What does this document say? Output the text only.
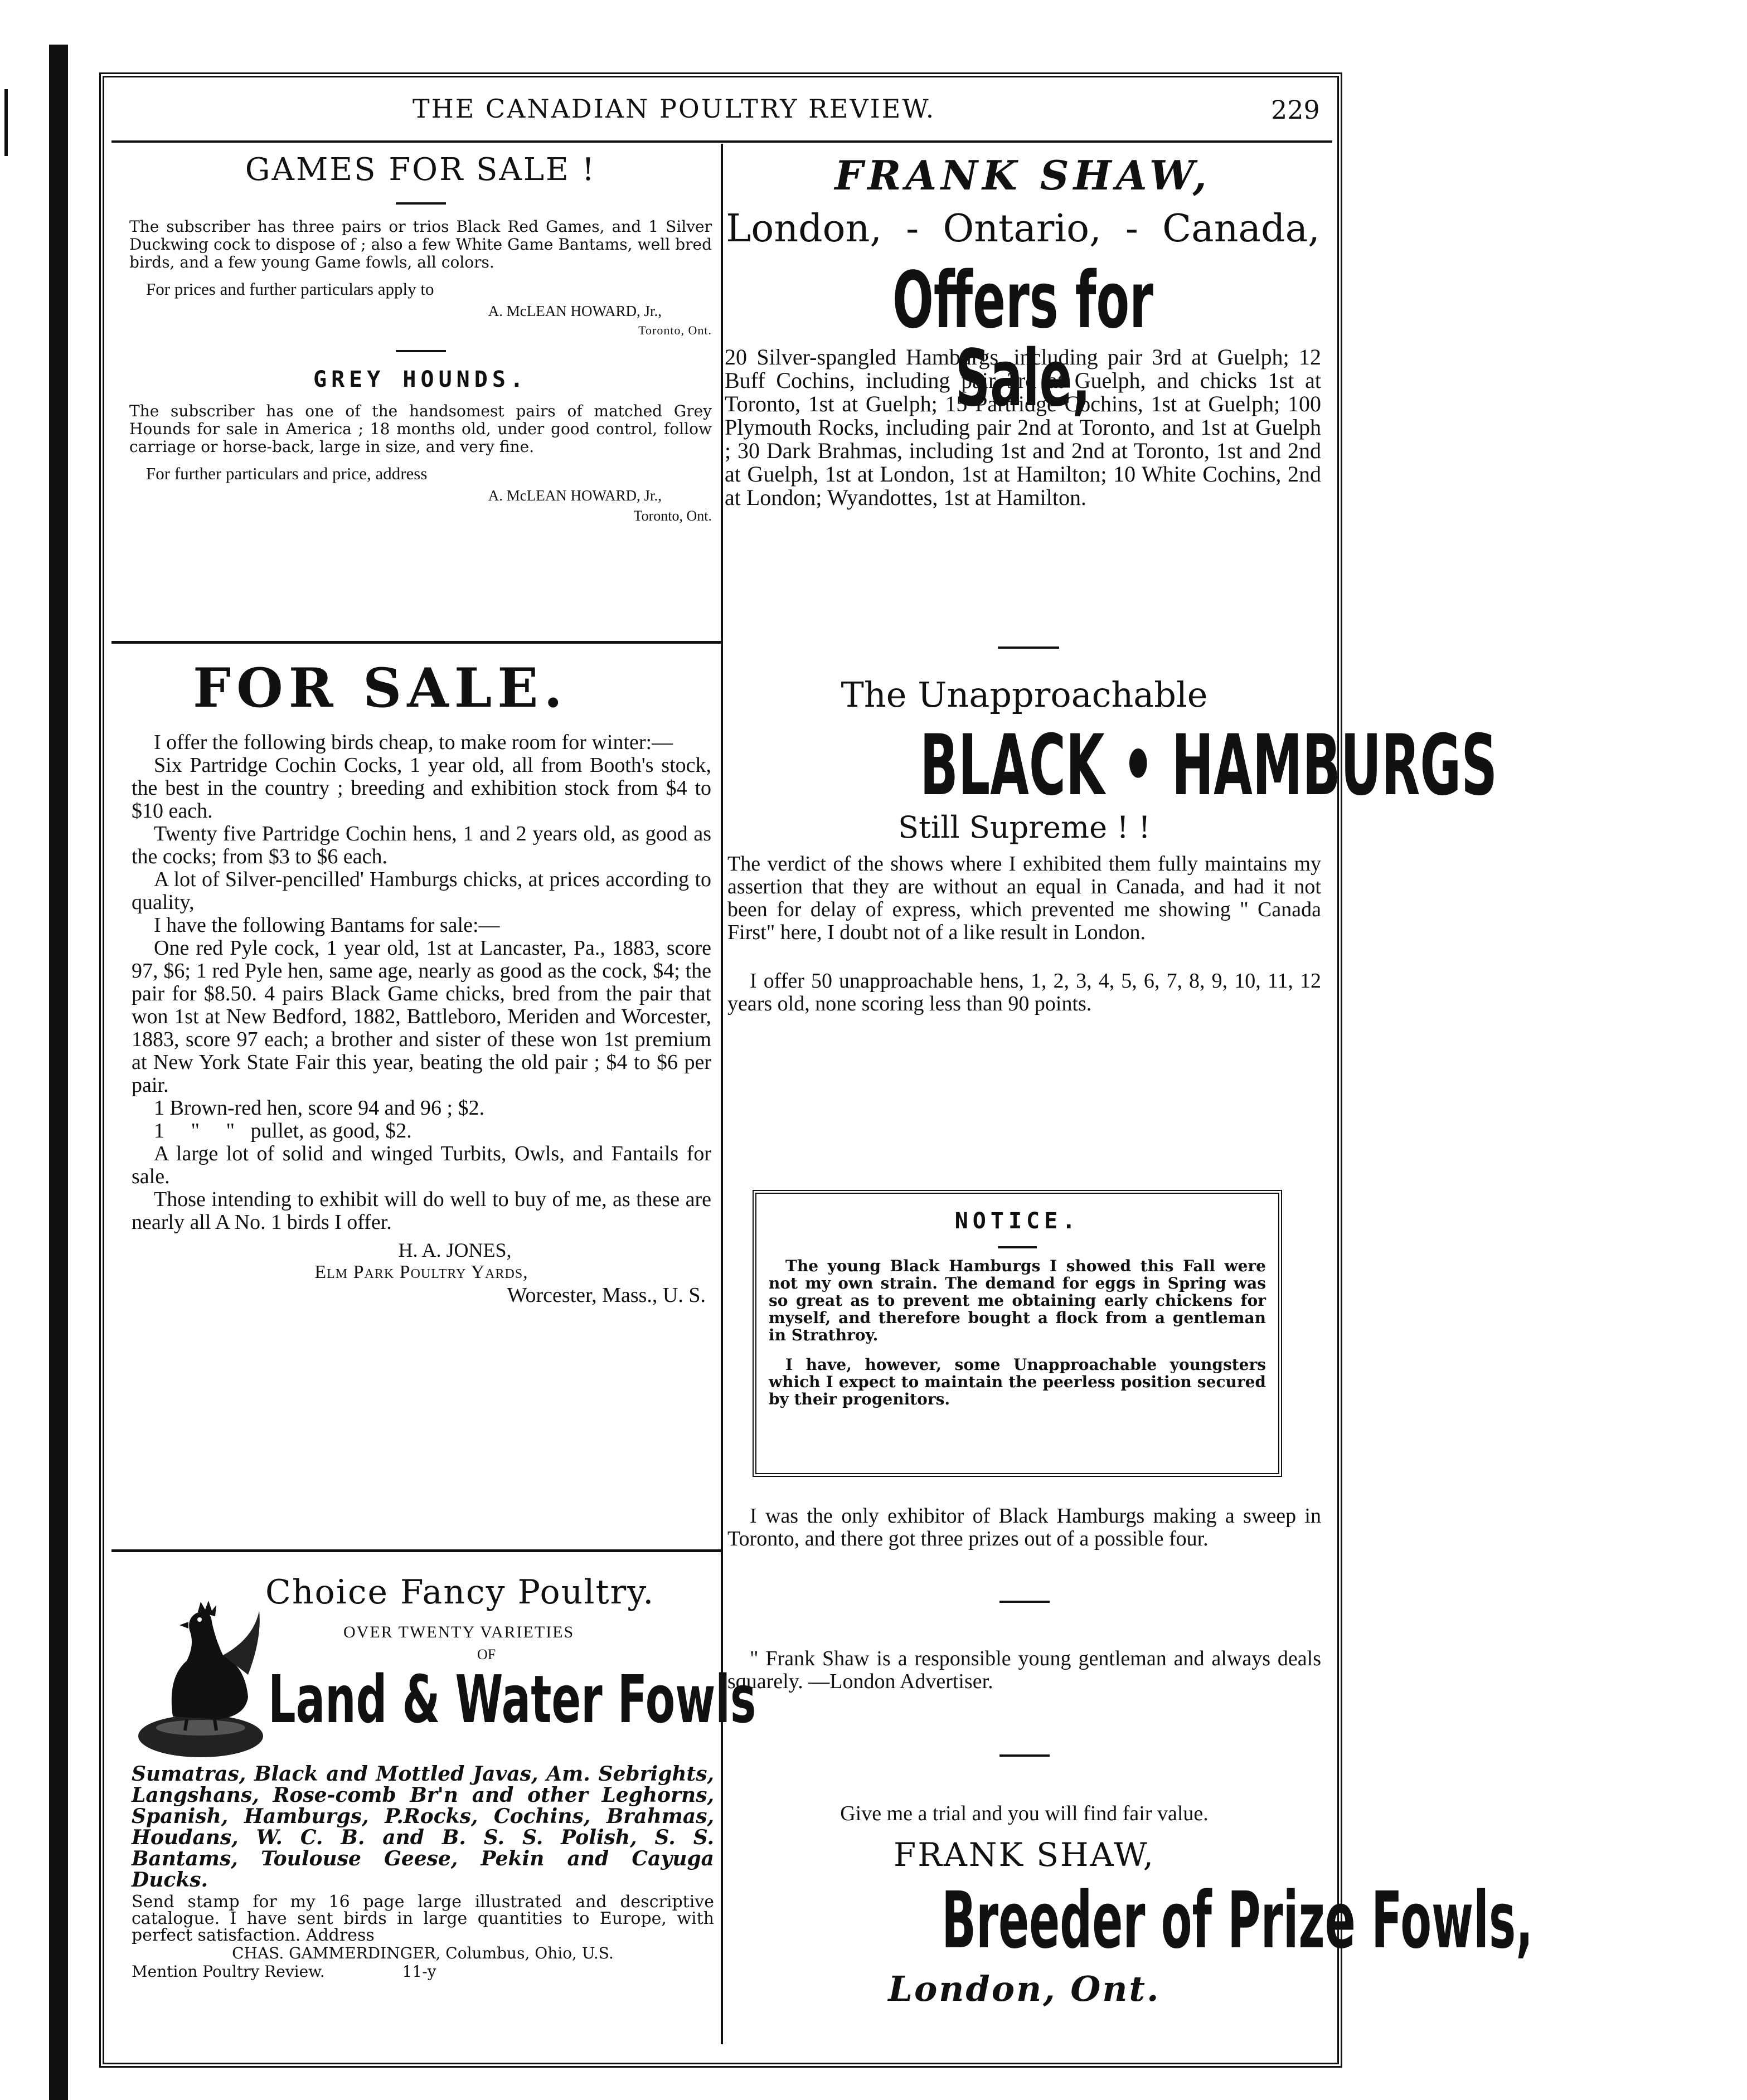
THE CANADIAN POULTRY REVIEW.	229
GAMES FOR SALE !

The subscriber has three pairs or trios Black Red Games, and 1 Silver Duckwing cock to dispose of ; also a few White Game Bantams, well bred birds, and a few young Game fowls, all colors.

For prices and further particulars apply to

A. McLEAN HOWARD, Jr.,
Toronto, Ont.
GREY HOUNDS.

The subscriber has one of the handsomest pairs of matched Grey Hounds for sale in America ; 18 months old, under good control, follow carriage or horse-back, large in size, and very fine.

For further particulars and price, address

A. McLEAN HOWARD, Jr.,
Toronto, Ont.
FOR SALE.

I offer the following birds cheap, to make room for winter:—

Six Partridge Cochin Cocks, 1 year old, all from Booth's stock, the best in the country ; breeding and exhibition stock from $4 to $10 each.

Twenty five Partridge Cochin hens, 1 and 2 years old, as good as the cocks; from $3 to $6 each.

A lot of Silver-pencilled' Hamburgs chicks, at prices according to quality,

I have the following Bantams for sale:—

One red Pyle cock, 1 year old, 1st at Lancaster, Pa., 1883, score 97, $6; 1 red Pyle hen, same age, nearly as good as the cock, $4; the pair for $8.50. 4 pairs Black Game chicks, bred from the pair that won 1st at New Bedford, 1882, Battleboro, Meriden and Worcester, 1883, score 97 each; a brother and sister of these won 1st premium at New York State Fair this year, beating the old pair ; $4 to $6 per pair.

1 Brown-red hen, score 94 and 96 ; $2.

1     "     "   pullet, as good, $2.

A large lot of solid and winged Turbits, Owls, and Fantails for sale.

Those intending to exhibit will do well to buy of me, as these are nearly all A No. 1 birds I offer.

H. A. JONES,
Elm Park Poultry Yards,
Worcester, Mass., U. S.
Choice Fancy Poultry.
OVER TWENTY VARIETIES
OF
Land & Water Fowls

Sumatras, Black and Mottled Javas, Am. Sebrights, Langshans, Rose-comb Br'n and other Leghorns, Spanish, Hamburgs, P.Rocks, Cochins, Brahmas, Houdans, W. C. B. and B. S. S. Polish, S. S. Bantams, Toulouse Geese, Pekin and Cayuga Ducks.

Send stamp for my 16 page large illustrated and descriptive catalogue. I have sent birds in large quantities to Europe, with perfect satisfaction. Address

CHAS. GAMMERDINGER, Columbus, Ohio, U.S.
Mention Poultry Review.	11-y
FRANK SHAW,
London,  -  Ontario,  -  Canada,
Offers for Sale,

20 Silver-spangled Hamburgs, including pair 3rd at Guelph; 12 Buff Cochins, including pair 3rd at Guelph, and chicks 1st at Toronto, 1st at Guelph; 15 Partridge Cochins, 1st at Guelph; 100 Plymouth Rocks, including pair 2nd at Toronto, and 1st at Guelph ; 30 Dark Brahmas, including 1st and 2nd at Toronto, 1st and 2nd at Guelph, 1st at London, 1st at Hamilton; 10 White Cochins, 2nd at London; Wyandottes, 1st at Hamilton.

The Unapproachable
BLACK • HAMBURGS
Still Supreme ! !

The verdict of the shows where I exhibited them fully maintains my assertion that they are without an equal in Canada, and had it not been for delay of express, which prevented me showing " Canada First" here, I doubt not of a like result in London.

I offer 50 unapproachable hens, 1, 2, 3, 4, 5, 6, 7, 8, 9, 10, 11, 12 years old, none scoring less than 90 points.

NOTICE.

The young Black Hamburgs I showed this Fall were not my own strain. The demand for eggs in Spring was so great as to prevent me obtaining early chickens for myself, and therefore bought a flock from a gentleman in Strathroy.

I have, however, some Unapproachable youngsters which I expect to maintain the peerless position secured by their progenitors.

I was the only exhibitor of Black Hamburgs making a sweep in Toronto, and there got three prizes out of a possible four.

" Frank Shaw is a responsible young gentleman and always deals squarely. —London Advertiser.

Give me a trial and you will find fair value.
FRANK SHAW,
Breeder of Prize Fowls,
London, Ont.
